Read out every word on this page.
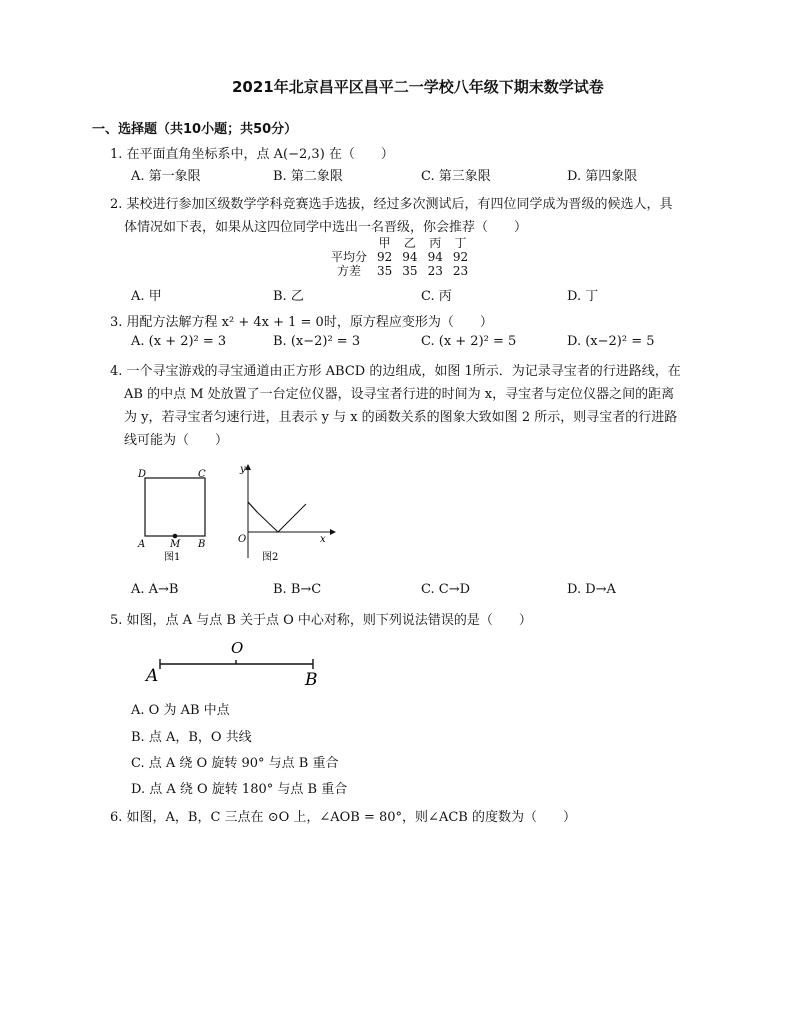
2021年北京昌平区昌平二一学校八年级下期末数学试卷
一、选择题（共10小题；共50分）
1. 在平面直角坐标系中，点 A(−2,3) 在（　　）
A. 第一象限	B. 第二象限	C. 第三象限	D. 第四象限
2. 某校进行参加区级数学学科竞赛选手选拔，经过多次测试后，有四位同学成为晋级的候选人，具
体情况如下表，如果从这四位同学中选出一名晋级，你会推荐（　　）
	甲	乙	丙	丁
平均分	92	94	94	92
方差	35	35	23	23
A. 甲	B. 乙	C. 丙	D. 丁
3. 用配方法解方程 x² + 4x + 1 = 0时，原方程应变形为（　　）
A. (x + 2)² = 3	B. (x−2)² = 3	C. (x + 2)² = 5	D. (x−2)² = 5
4. 一个寻宝游戏的寻宝通道由正方形 ABCD 的边组成，如图 1所示．为记录寻宝者的行进路线，在
AB 的中点 M 处放置了一台定位仪器，设寻宝者行进的时间为 x，寻宝者与定位仪器之间的距离
为 y，若寻宝者匀速行进，且表示 y 与 x 的函数关系的图象大致如图 2 所示，则寻宝者的行进路
线可能为（　　）
D	C
A M B
图1
y
O	x
图2
A. A→B	B. B→C	C. C→D	D. D→A
5. 如图，点 A 与点 B 关于点 O 中心对称，则下列说法错误的是（　　）
A
O
B
A. O 为 AB 中点
B. 点 A，B，O 共线
C. 点 A 绕 O 旋转 90° 与点 B 重合
D. 点 A 绕 O 旋转 180° 与点 B 重合
6. 如图，A，B，C 三点在 ⊙O 上，∠AOB = 80°，则∠ACB 的度数为（　　）
